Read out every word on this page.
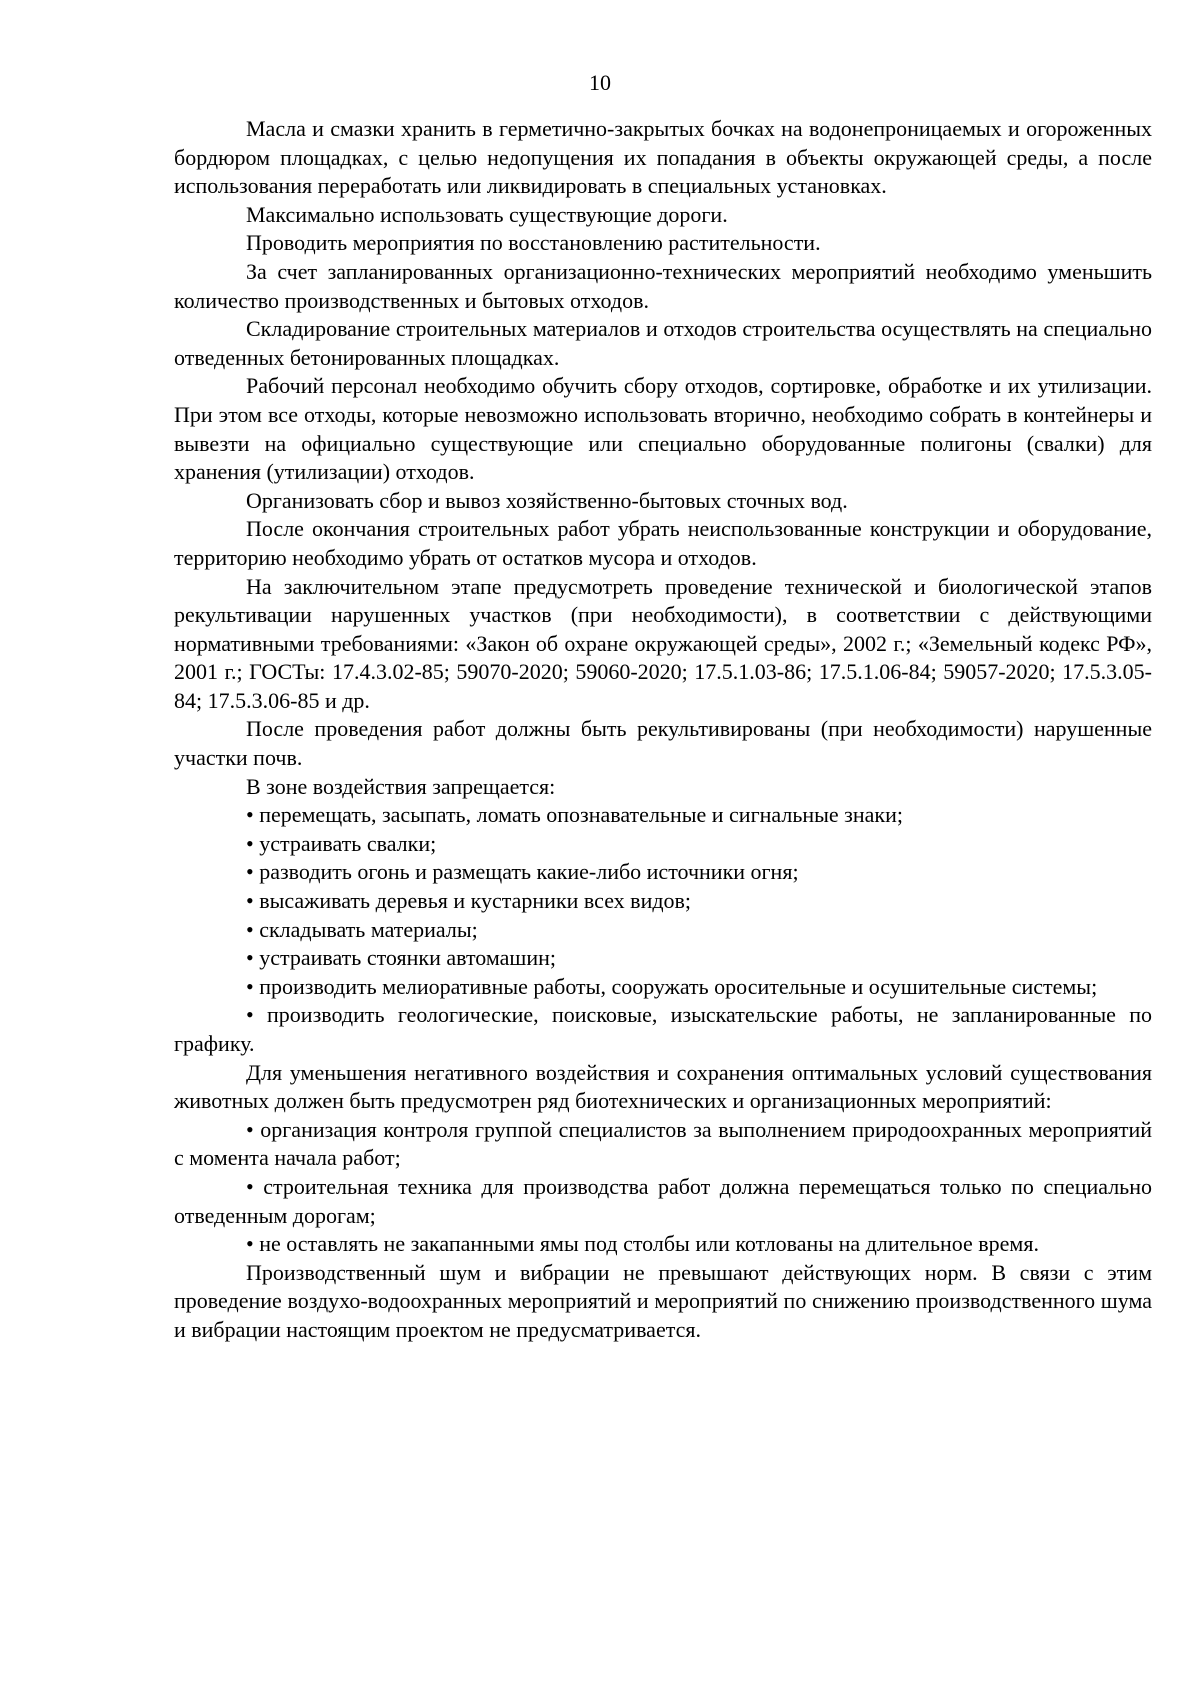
10

Масла и смазки хранить в герметично-закрытых бочках на водонепроницаемых и огороженных бордюром площадках, с целью недопущения их попадания в объекты окружающей среды, а после использования переработать или ликвидировать в специальных установках.

Максимально использовать существующие дороги.

Проводить мероприятия по восстановлению растительности.

За счет запланированных организационно-технических мероприятий необходимо уменьшить количество производственных и бытовых отходов.

Складирование строительных материалов и отходов строительства осуществлять на специально отведенных бетонированных площадках.

Рабочий персонал необходимо обучить сбору отходов, сортировке, обработке и их утилизации. При этом все отходы, которые невозможно использовать вторично, необходимо собрать в контейнеры и вывезти на официально существующие или специально оборудованные полигоны (свалки) для хранения (утилизации) отходов.

Организовать сбор и вывоз хозяйственно-бытовых сточных вод.

После окончания строительных работ убрать неиспользованные конструкции и оборудование, территорию необходимо убрать от остатков мусора и отходов.

На заключительном этапе предусмотреть проведение технической и биологической этапов рекультивации нарушенных участков (при необходимости), в соответствии с действующими нормативными требованиями: «Закон об охране окружающей среды», 2002 г.; «Земельный кодекс РФ», 2001 г.; ГОСТы: 17.4.3.02-85; 59070-2020; 59060-2020; 17.5.1.03-86; 17.5.1.06-84; 59057-2020; 17.5.3.05-84; 17.5.3.06-85 и др.

После проведения работ должны быть рекультивированы (при необходимости) нарушенные участки почв.

В зоне воздействия запрещается:

• перемещать, засыпать, ломать опознавательные и сигнальные знаки;

• устраивать свалки;

• разводить огонь и размещать какие-либо источники огня;

• высаживать деревья и кустарники всех видов;

• складывать материалы;

• устраивать стоянки автомашин;

• производить мелиоративные работы, сооружать оросительные и осушительные системы;

• производить геологические, поисковые, изыскательские работы, не запланированные по графику.

Для уменьшения негативного воздействия и сохранения оптимальных условий существования животных должен быть предусмотрен ряд биотехнических и организационных мероприятий:

• организация контроля группой специалистов за выполнением природоохранных мероприятий с момента начала работ;

• строительная техника для производства работ должна перемещаться только по специально отведенным дорогам;

• не оставлять не закапанными ямы под столбы или котлованы на длительное время.

Производственный шум и вибрации не превышают действующих норм. В связи с этим проведение воздухо-водоохранных мероприятий и мероприятий по снижению производственного шума и вибрации настоящим проектом не предусматривается.
